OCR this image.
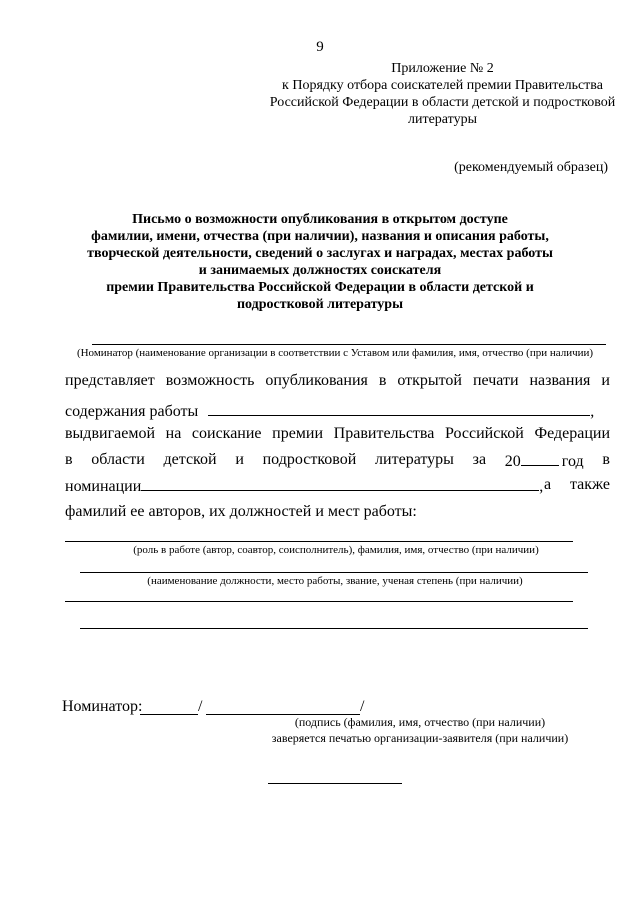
9
Приложение № 2
к Порядку отбора соискателей премии Правительства
Российской Федерации в области детской и подростковой
литературы
(рекомендуемый образец)
Письмо о возможности опубликования в открытом доступе
фамилии, имени, отчества (при наличии), названия и описания работы,
творческой деятельности, сведений о заслугах и наградах, местах работы
и занимаемых должностях соискателя
премии Правительства Российской Федерации в области детской и
подростковой литературы
(Номинатор (наименование организации в соответствии с Уставом или фамилия, имя, отчество (при наличии)
представляет возможность опубликования в открытой печати названия и
содержания работы	,
выдвигаемой на соискание премии Правительства Российской Федерации
в области детской и подростковой литературы за 20	год в
номинации	, а также
фамилий ее авторов, их должностей и мест работы:
(роль в работе (автор, соавтор, соисполнитель), фамилия, имя, отчество (при наличии)
(наименование должности, место работы, звание, ученая степень (при наличии)
Номинатор:	/	/
(подпись (фамилия, имя, отчество (при наличии)
заверяется печатью организации-заявителя (при наличии)
